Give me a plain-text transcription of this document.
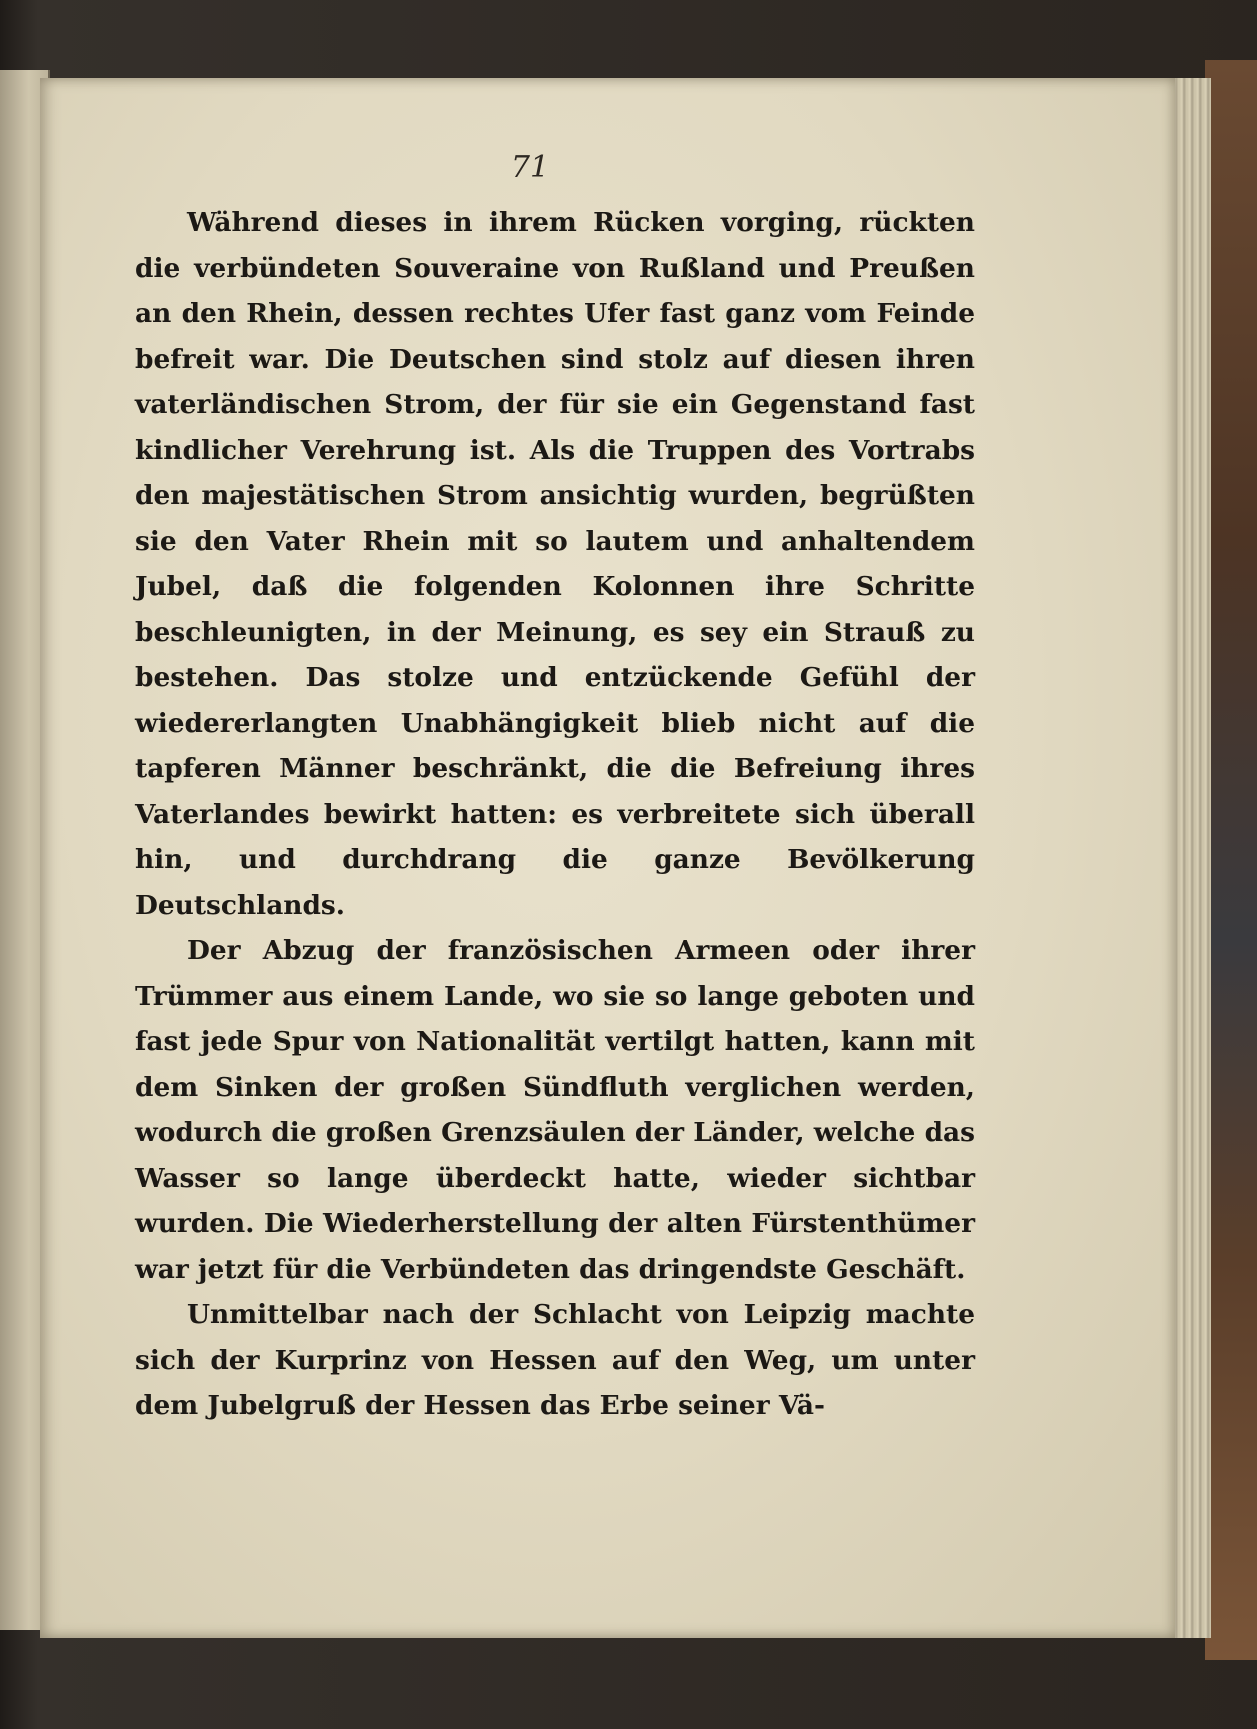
71

Während dieses in ihrem Rücken vorging, rückten die verbündeten Souveraine von Rußland und Preußen an den Rhein, dessen rechtes Ufer fast ganz vom Feinde befreit war. Die Deutschen sind stolz auf diesen ihren vaterländischen Strom, der für sie ein Gegenstand fast kindlicher Verehrung ist. Als die Truppen des Vortrabs den majestätischen Strom ansichtig wurden, begrüßten sie den Vater Rhein mit so lautem und anhaltendem Jubel, daß die folgenden Kolonnen ihre Schritte beschleunigten, in der Meinung, es sey ein Strauß zu bestehen. Das stolze und entzückende Gefühl der wiedererlangten Unabhängigkeit blieb nicht auf die tapferen Männer beschränkt, die die Befreiung ihres Vaterlandes bewirkt hatten: es verbreitete sich überall hin, und durchdrang die ganze Bevölkerung Deutschlands.

Der Abzug der französischen Armeen oder ihrer Trümmer aus einem Lande, wo sie so lange geboten und fast jede Spur von Nationalität vertilgt hatten, kann mit dem Sinken der großen Sündfluth verglichen werden, wodurch die großen Grenzsäulen der Länder, welche das Wasser so lange überdeckt hatte, wieder sichtbar wurden. Die Wiederherstellung der alten Fürstenthümer war jetzt für die Verbündeten das dringendste Geschäft.

Unmittelbar nach der Schlacht von Leipzig machte sich der Kurprinz von Hessen auf den Weg, um unter dem Jubelgruß der Hessen das Erbe seiner Vä-
